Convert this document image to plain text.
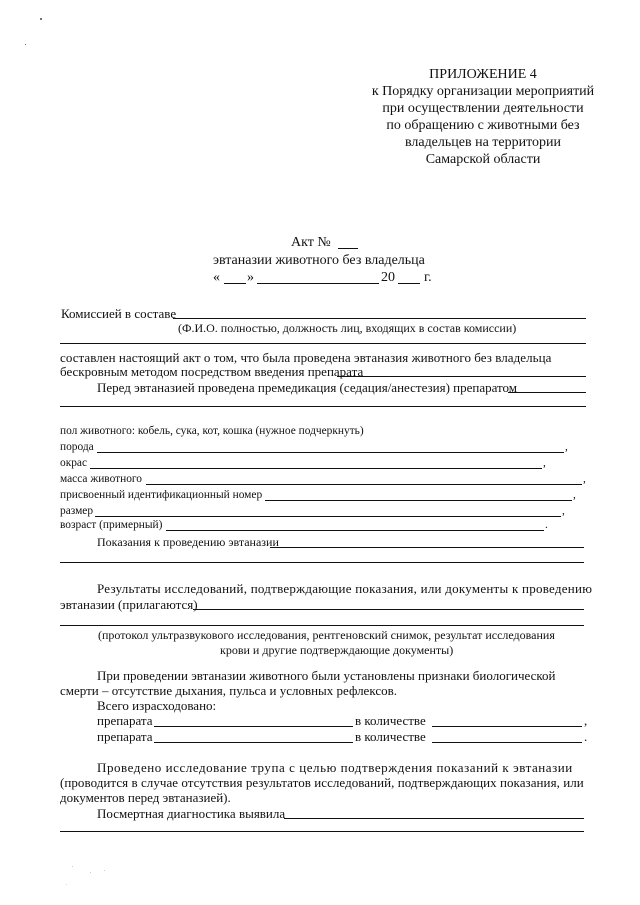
ПРИЛОЖЕНИЕ 4
к Порядку организации мероприятий
при осуществлении деятельности
по обращению с животными без
владельцев на территории
Самарской области
Акт №
эвтаназии животного без владельца
« »	20 г.
Комиссией в составе
(Ф.И.О. полностью, должность лиц, входящих в состав комиссии)
составлен настоящий акт о том, что была проведена эвтаназия животного без владельца
бескровным методом посредством введения препарата
Перед эвтаназией проведена премедикация (седация/анестезия) препаратом
пол животного: кобель, сука, кот, кошка (нужное подчеркнуть)
порода	,
окрас	,
масса животного	,
присвоенный идентификационный номер	,
размер	,
возраст (примерный)	.
Показания к проведению эвтаназии
Результаты исследований, подтверждающие показания, или документы к проведению
эвтаназии (прилагаются)
(протокол ультразвукового исследования, рентгеновский снимок, результат исследования
крови и другие подтверждающие документы)
При проведении эвтаназии животного были установлены признаки биологической
смерти – отсутствие дыхания, пульса и условных рефлексов.
Всего израсходовано:
препарата	в количестве	,
препарата	в количестве	.
Проведено исследование трупа с целью подтверждения показаний к эвтаназии
(проводится в случае отсутствия результатов исследований, подтверждающих показания, или
документов перед эвтаназией).
Посмертная диагностика выявила
